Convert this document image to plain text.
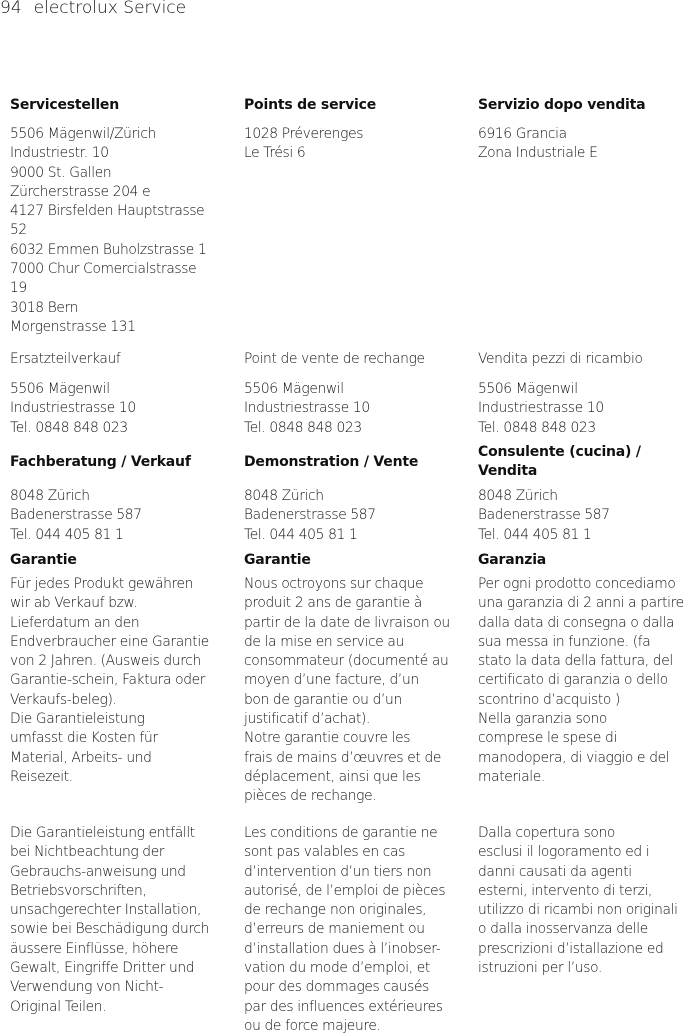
94 electrolux Service
Servicestellen
5506 Mägenwil/Zürich
Industriestr. 10
9000 St. Gallen
Zürcherstrasse 204 e
4127 Birsfelden Hauptstrasse
52
6032 Emmen Buholzstrasse 1
7000 Chur Comercialstrasse
19
3018 Bern
Morgenstrasse 131
Ersatzteilverkauf
5506 Mägenwil
Industriestrasse 10
Tel. 0848 848 023
Fachberatung / Verkauf
8048 Zürich
Badenerstrasse 587
Tel. 044 405 81 1
Garantie

Für jedes Produkt gewähren
wir ab Verkauf bzw.
Lieferdatum an den
Endverbraucher eine Garantie
von 2 Jahren. (Ausweis durch
Garantie-schein, Faktura oder
Verkaufs-beleg).

Die Garantieleistung
umfasst die Kosten für
Material, Arbeits- und
Reisezeit.

Die Garantieleistung entfällt
bei Nichtbeachtung der
Gebrauchs-anweisung und
Betriebsvorschriften,
unsachgerechter Installation,
sowie bei Beschädigung durch
äussere Einflüsse, höhere
Gewalt, Eingriffe Dritter und
Verwendung von Nicht-
Original Teilen.
Points de service
1028 Préverenges
Le Trési 6
Point de vente de rechange
5506 Mägenwil
Industriestrasse 10
Tel. 0848 848 023
Demonstration / Vente
8048 Zürich
Badenerstrasse 587
Tel. 044 405 81 1
Garantie

Nous octroyons sur chaque
produit 2 ans de garantie à
partir de la date de livraison ou
de la mise en service au
consommateur (documenté au
moyen d’une facture, d’un
bon de garantie ou d’un
justificatif d’achat).

Notre garantie couvre les
frais de mains d’œuvres et de
déplacement, ainsi que les
pièces de rechange.

Les conditions de garantie ne
sont pas valables en cas
d’intervention d’un tiers non
autorisé, de l’emploi de pièces
de rechange non originales,
d’erreurs de maniement ou
d’installation dues à l’inobser-
vation du mode d’emploi, et
pour des dommages causés
par des influences extérieures
ou de force majeure.
Servizio dopo vendita
6916 Grancia
Zona Industriale E
Vendita pezzi di ricambio
5506 Mägenwil
Industriestrasse 10
Tel. 0848 848 023
Consulente (cucina) /
Vendita
8048 Zürich
Badenerstrasse 587
Tel. 044 405 81 1
Garanzia

Per ogni prodotto concediamo
una garanzia di 2 anni a partire
dalla data di consegna o dalla
sua messa in funzione. (fa
stato la data della fattura, del
certificato di garanzia o dello
scontrino d’acquisto )

Nella garanzia sono
comprese le spese di
manodopera, di viaggio e del
materiale.

Dalla copertura sono
esclusi il logoramento ed i
danni causati da agenti
esterni, intervento di terzi,
utilizzo di ricambi non originali
o dalla inosservanza delle
prescrizioni d’istallazione ed
istruzioni per l’uso.
